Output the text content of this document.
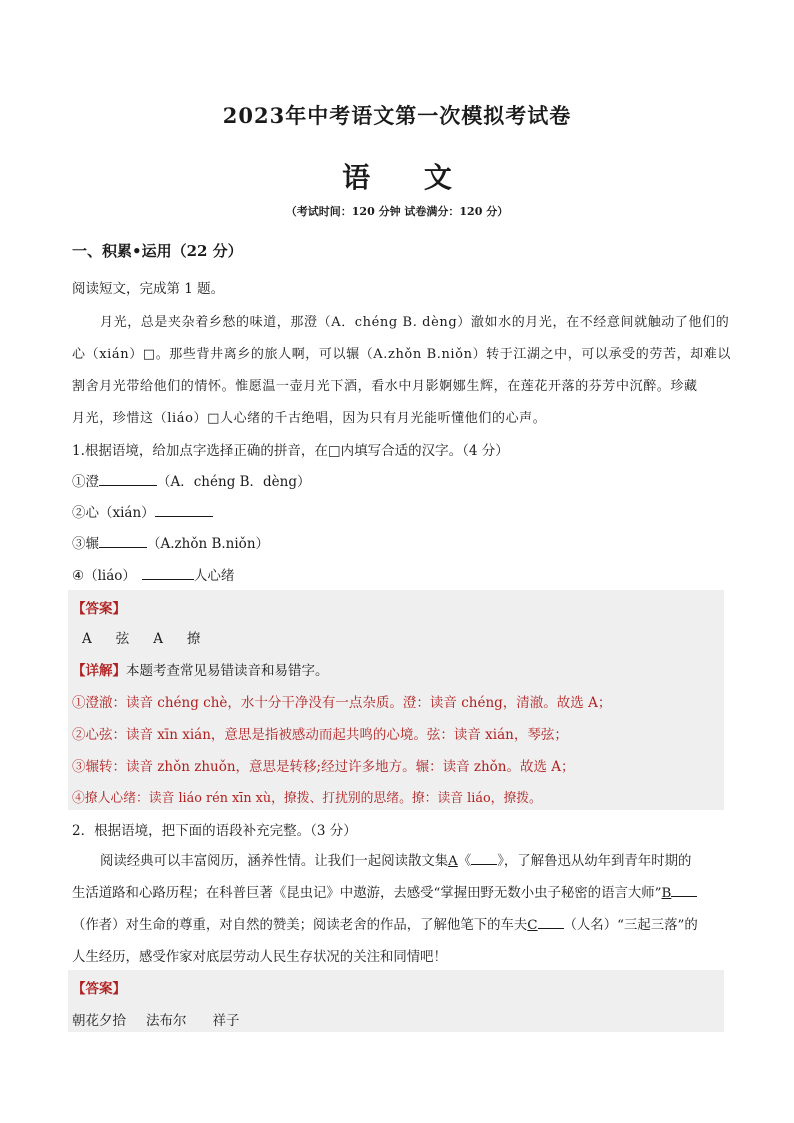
2023年中考语文第一次模拟考试卷
语 文
（考试时间：120 分钟 试卷满分：120 分）
一、积累•运用（22 分）
阅读短文，完成第 1 题。
月光，总是夹杂着乡愁的味道，那澄（A．chéng B. dèng）澈如水的月光，在不经意间就触动了他们的
心（xián）□。那些背井离乡的旅人啊，可以辗（A.zhǒn B.niǒn）转于江湖之中，可以承受的劳苦，却难以
割舍月光带给他们的情怀。惟愿温一壶月光下酒，看水中月影婀娜生辉，在莲花开落的芬芳中沉醉。珍藏
月光，珍惜这（liáo）□人心绪的千古绝唱，因为只有月光能听懂他们的心声。
1.根据语境，给加点字选择正确的拼音，在□内填写合适的汉字。（4 分）
①澄	（A．chéng B．dèng）
②心（xián）
③辗	（A.zhǒn B.niǒn）
④（liáo）	人心绪
【答案】
A 弦 A 撩
【详解】本题考查常见易错读音和易错字。
①澄澈：读音 chéng chè，水十分干净没有一点杂质。澄：读音 chéng，清澈。故选 A；
②心弦：读音 xīn xián，意思是指被感动而起共鸣的心境。弦：读音 xián，琴弦；
③辗转：读音 zhǒn zhuǒn，意思是转移;经过许多地方。辗：读音 zhǒn。故选 A；
④撩人心绪：读音 liáo rén xīn xù，撩拨、打扰别的思绪。撩：读音 liáo，撩拨。
2．根据语境，把下面的语段补充完整。（3 分）
阅读经典可以丰富阅历，涵养性情。让我们一起阅读散文集A《 》，了解鲁迅从幼年到青年时期的
生活道路和心路历程；在科普巨著《昆虫记》中遨游，去感受“掌握田野无数小虫子秘密的语言大师”B
（作者）对生命的尊重，对自然的赞美；阅读老舍的作品，了解他笔下的车夫C （人名）“三起三落”的
人生经历，感受作家对底层劳动人民生存状况的关注和同情吧！
【答案】
朝花夕拾 法布尔 祥子
